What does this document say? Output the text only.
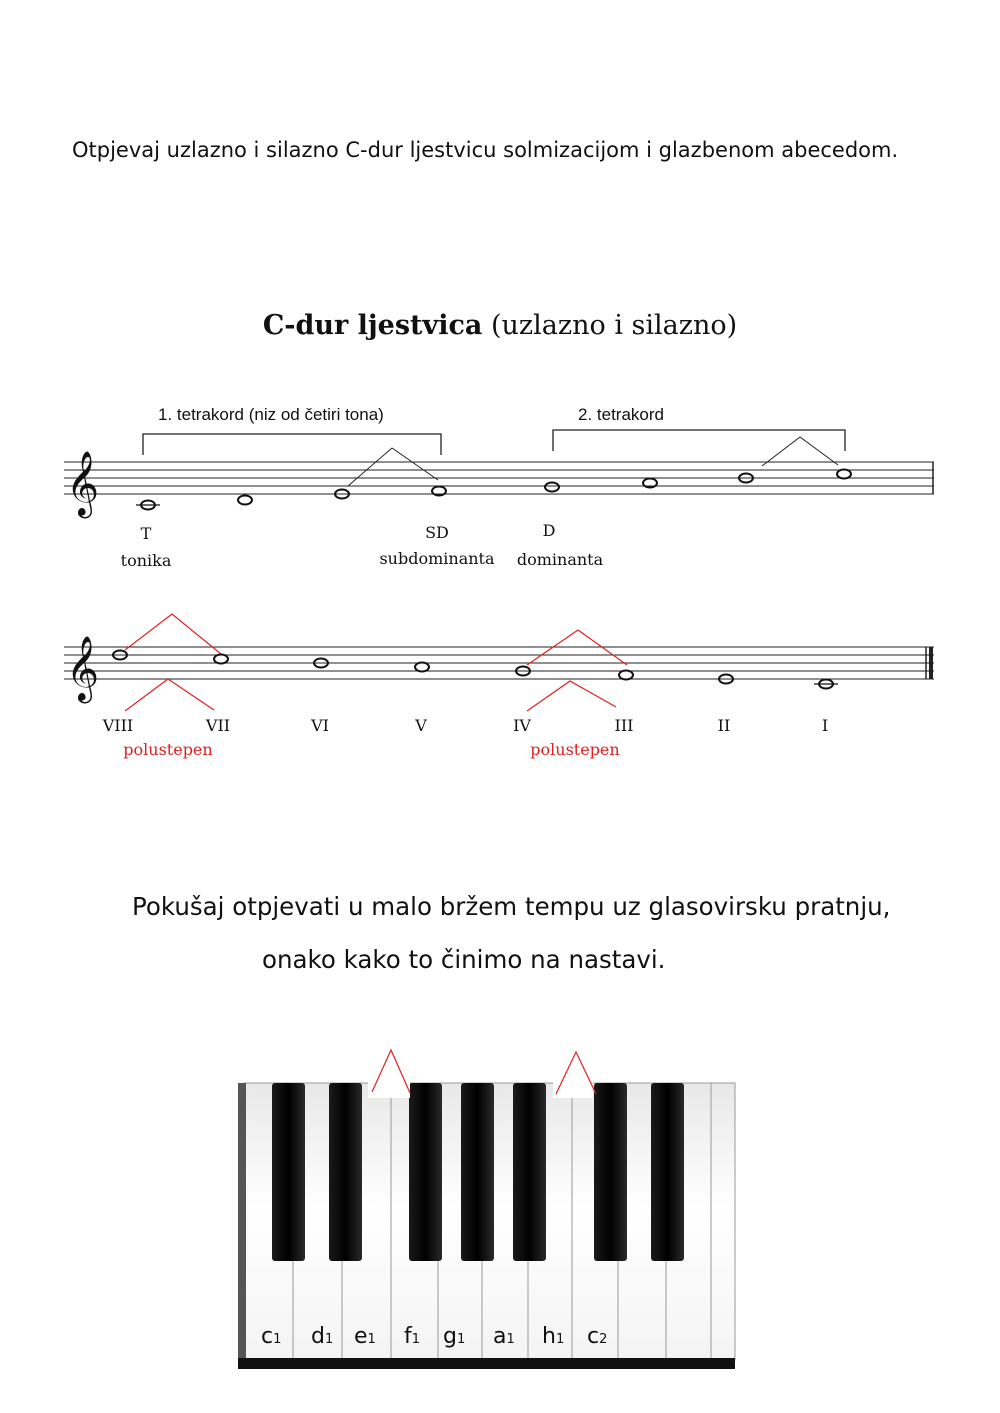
Otpjevaj uzlazno i silazno C-dur ljestvicu solmizacijom i glazbenom abecedom.
C-dur ljestvica (uzlazno i silazno)
𝄞
1. tetrakord (niz od četiri tona)	2. tetrakord
T
tonika
SD
subdominanta
D
dominanta
𝄞
VIII	VII	VI	V	IV	III	II	I
polustepen	polustepen
c1 d1 e1 f1 g1 a1 h1 c2
Pokušaj otpjevati u malo bržem tempu uz glasovirsku pratnju,
onako kako to činimo na nastavi.
